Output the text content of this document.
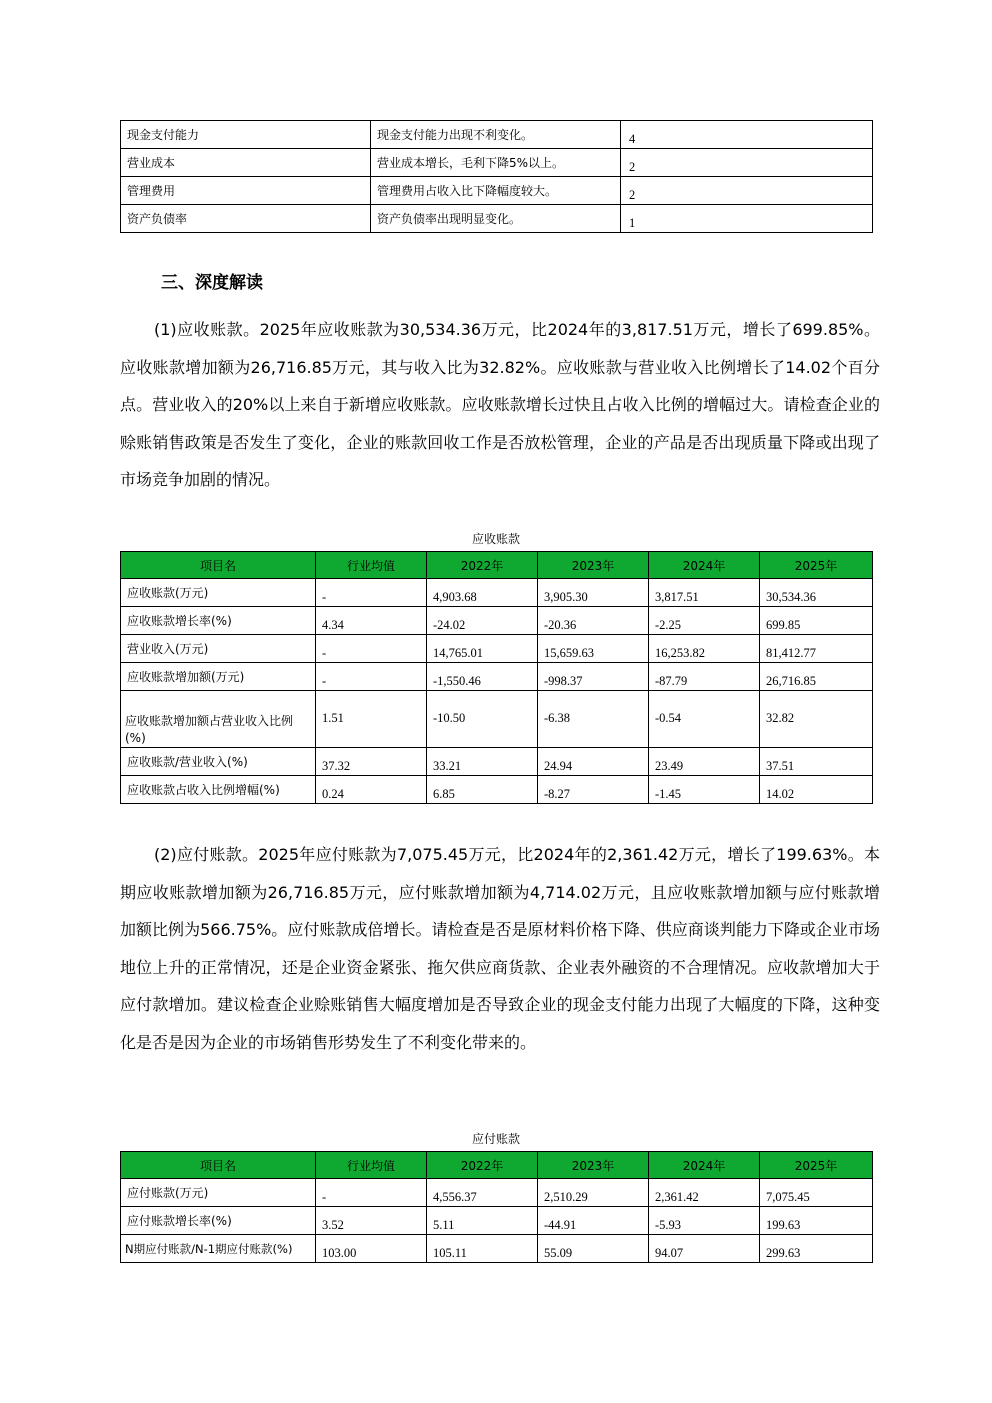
现金支付能力	现金支付能力出现不利变化。	4
营业成本	营业成本增长，毛利下降5%以上。	2
管理费用	管理费用占收入比下降幅度较大。	2
资产负债率	资产负债率出现明显变化。	1
三、深度解读

(1)应收账款。2025年应收账款为30,534.36万元，比2024年的3,817.51万元，增长了699.85%。应收账款增加额为26,716.85万元，其与收入比为32.82%。应收账款与营业收入比例增长了14.02个百分点。营业收入的20%以上来自于新增应收账款。应收账款增长过快且占收入比例的增幅过大。请检查企业的赊账销售政策是否发生了变化，企业的账款回收工作是否放松管理，企业的产品是否出现质量下降或出现了市场竞争加剧的情况。

应收账款
项目名	行业均值	2022年	2023年	2024年	2025年
应收账款(万元)	-	4,903.68	3,905.30	3,817.51	30,534.36
应收账款增长率(%)	4.34	-24.02	-20.36	-2.25	699.85
营业收入(万元)	-	14,765.01	15,659.63	16,253.82	81,412.77
应收账款增加额(万元)	-	-1,550.46	-998.37	-87.79	26,716.85
应收账款增加额占营业收入比例(%)	1.51	-10.50	-6.38	-0.54	32.82
应收账款/营业收入(%)	37.32	33.21	24.94	23.49	37.51
应收账款占收入比例增幅(%)	0.24	6.85	-8.27	-1.45	14.02

(2)应付账款。2025年应付账款为7,075.45万元，比2024年的2,361.42万元，增长了199.63%。本期应收账款增加额为26,716.85万元，应付账款增加额为4,714.02万元，且应收账款增加额与应付账款增加额比例为566.75%。应付账款成倍增长。请检查是否是原材料价格下降、供应商谈判能力下降或企业市场地位上升的正常情况，还是企业资金紧张、拖欠供应商货款、企业表外融资的不合理情况。应收款增加大于应付款增加。建议检查企业赊账销售大幅度增加是否导致企业的现金支付能力出现了大幅度的下降，这种变化是否是因为企业的市场销售形势发生了不利变化带来的。

应付账款
项目名	行业均值	2022年	2023年	2024年	2025年
应付账款(万元)	-	4,556.37	2,510.29	2,361.42	7,075.45
应付账款增长率(%)	3.52	5.11	-44.91	-5.93	199.63
N期应付账款/N-1期应付账款(%)	103.00	105.11	55.09	94.07	299.63
